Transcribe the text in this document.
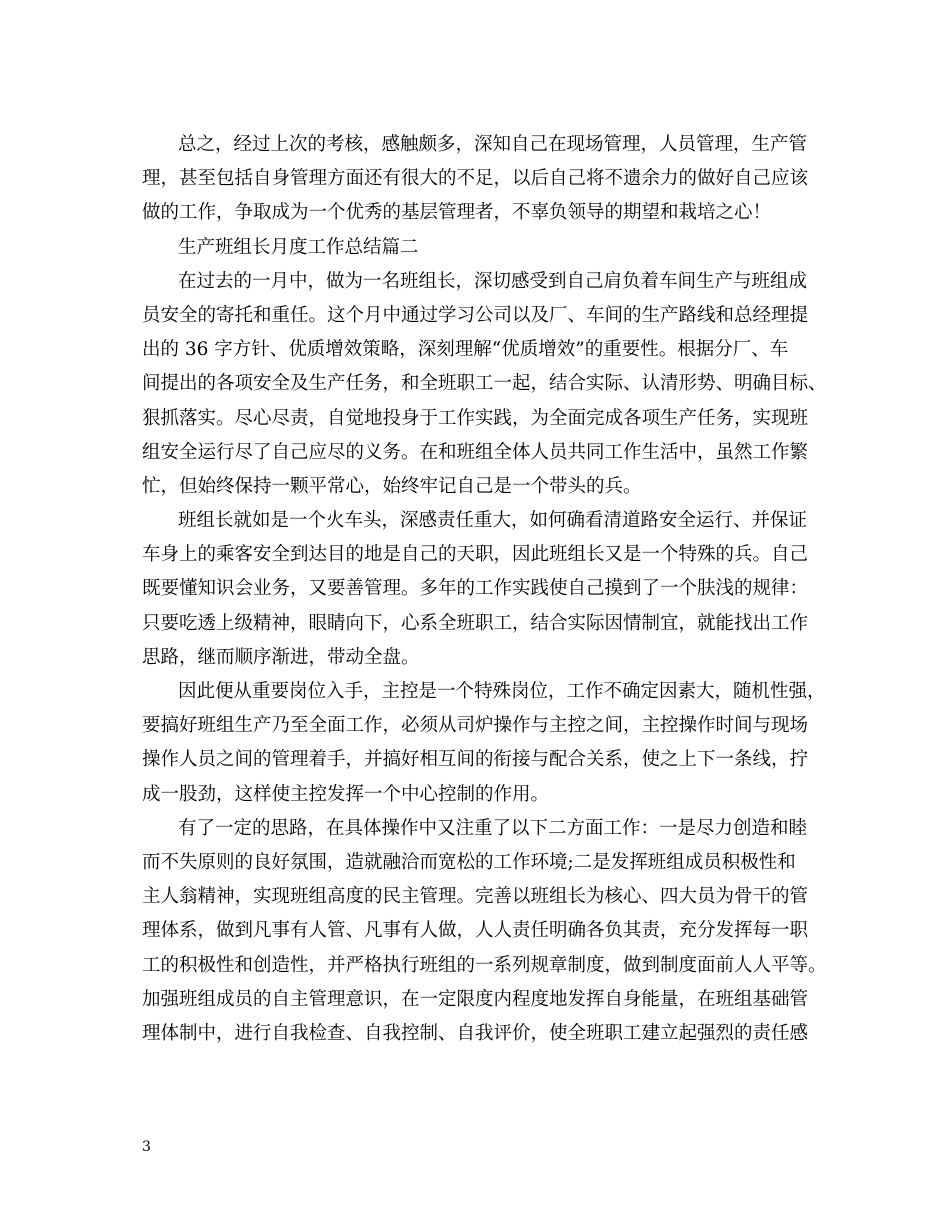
总之，经过上次的考核，感触颇多，深知自己在现场管理，人员管理，生产管
理，甚至包括自身管理方面还有很大的不足，以后自己将不遗余力的做好自己应该
做的工作，争取成为一个优秀的基层管理者，不辜负领导的期望和栽培之心！
生产班组长月度工作总结篇二
在过去的一月中，做为一名班组长，深切感受到自己肩负着车间生产与班组成
员安全的寄托和重任。这个月中通过学习公司以及厂、车间的生产路线和总经理提
出的 36 字方针、优质增效策略，深刻理解“优质增效”的重要性。根据分厂、车
间提出的各项安全及生产任务，和全班职工一起，结合实际、认清形势、明确目标、
狠抓落实。尽心尽责，自觉地投身于工作实践，为全面完成各项生产任务，实现班
组安全运行尽了自己应尽的义务。在和班组全体人员共同工作生活中，虽然工作繁
忙，但始终保持一颗平常心，始终牢记自己是一个带头的兵。
班组长就如是一个火车头，深感责任重大，如何确看清道路安全运行、并保证
车身上的乘客安全到达目的地是自己的天职，因此班组长又是一个特殊的兵。自己
既要懂知识会业务，又要善管理。多年的工作实践使自己摸到了一个肤浅的规律：
只要吃透上级精神，眼睛向下，心系全班职工，结合实际因情制宜，就能找出工作
思路，继而顺序渐进，带动全盘。
因此便从重要岗位入手，主控是一个特殊岗位，工作不确定因素大，随机性强，
要搞好班组生产乃至全面工作，必须从司炉操作与主控之间，主控操作时间与现场
操作人员之间的管理着手，并搞好相互间的衔接与配合关系，使之上下一条线，拧
成一股劲，这样使主控发挥一个中心控制的作用。
有了一定的思路，在具体操作中又注重了以下二方面工作：一是尽力创造和睦
而不失原则的良好氛围，造就融洽而宽松的工作环境;二是发挥班组成员积极性和
主人翁精神，实现班组高度的民主管理。完善以班组长为核心、四大员为骨干的管
理体系，做到凡事有人管、凡事有人做，人人责任明确各负其责，充分发挥每一职
工的积极性和创造性，并严格执行班组的一系列规章制度，做到制度面前人人平等。
加强班组成员的自主管理意识，在一定限度内程度地发挥自身能量，在班组基础管
理体制中，进行自我检查、自我控制、自我评价，使全班职工建立起强烈的责任感
3
